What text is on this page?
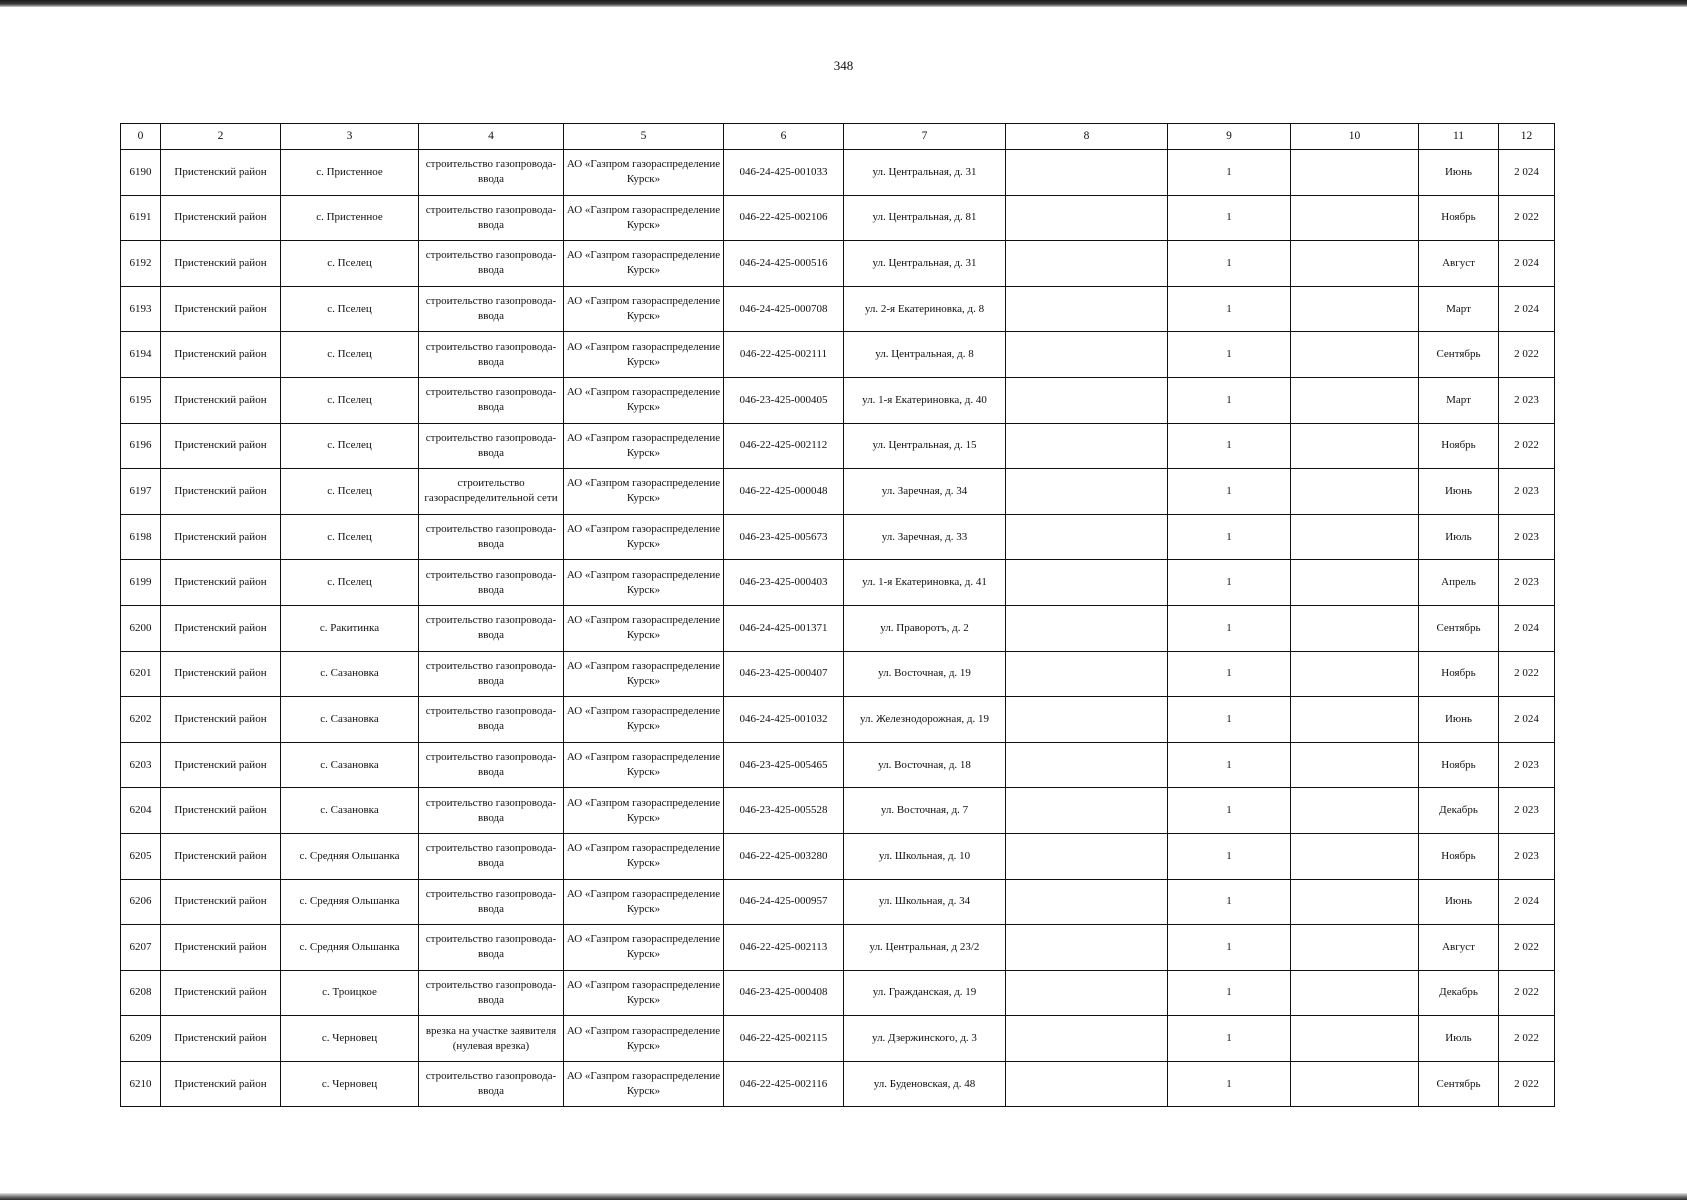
348
0	2	3	4	5	6	7	8	9	10	11	12
6190	Пристенский район	с. Пристенное	строительство газопровода-ввода	АО «Газпром газораспределение Курск»	046-24-425-001033	ул. Центральная, д. 31		1		Июнь	2 024
6191	Пристенский район	с. Пристенное	строительство газопровода-ввода	АО «Газпром газораспределение Курск»	046-22-425-002106	ул. Центральная, д. 81		1		Ноябрь	2 022
6192	Пристенский район	с. Пселец	строительство газопровода-ввода	АО «Газпром газораспределение Курск»	046-24-425-000516	ул. Центральная, д. 31		1		Август	2 024
6193	Пристенский район	с. Пселец	строительство газопровода-ввода	АО «Газпром газораспределение Курск»	046-24-425-000708	ул. 2-я Екатериновка, д. 8		1		Март	2 024
6194	Пристенский район	с. Пселец	строительство газопровода-ввода	АО «Газпром газораспределение Курск»	046-22-425-002111	ул. Центральная, д. 8		1		Сентябрь	2 022
6195	Пристенский район	с. Пселец	строительство газопровода-ввода	АО «Газпром газораспределение Курск»	046-23-425-000405	ул. 1-я Екатериновка, д. 40		1		Март	2 023
6196	Пристенский район	с. Пселец	строительство газопровода-ввода	АО «Газпром газораспределение Курск»	046-22-425-002112	ул. Центральная, д. 15		1		Ноябрь	2 022
6197	Пристенский район	с. Пселец	строительство газораспределительной сети	АО «Газпром газораспределение Курск»	046-22-425-000048	ул. Заречная, д. 34		1		Июнь	2 023
6198	Пристенский район	с. Пселец	строительство газопровода-ввода	АО «Газпром газораспределение Курск»	046-23-425-005673	ул. Заречная, д. 33		1		Июль	2 023
6199	Пристенский район	с. Пселец	строительство газопровода-ввода	АО «Газпром газораспределение Курск»	046-23-425-000403	ул. 1-я Екатериновка, д. 41		1		Апрель	2 023
6200	Пристенский район	с. Ракитинка	строительство газопровода-ввода	АО «Газпром газораспределение Курск»	046-24-425-001371	ул. Праворотъ, д. 2		1		Сентябрь	2 024
6201	Пристенский район	с. Сазановка	строительство газопровода-ввода	АО «Газпром газораспределение Курск»	046-23-425-000407	ул. Восточная, д. 19		1		Ноябрь	2 022
6202	Пристенский район	с. Сазановка	строительство газопровода-ввода	АО «Газпром газораспределение Курск»	046-24-425-001032	ул. Железнодорожная, д. 19		1		Июнь	2 024
6203	Пристенский район	с. Сазановка	строительство газопровода-ввода	АО «Газпром газораспределение Курск»	046-23-425-005465	ул. Восточная, д. 18		1		Ноябрь	2 023
6204	Пристенский район	с. Сазановка	строительство газопровода-ввода	АО «Газпром газораспределение Курск»	046-23-425-005528	ул. Восточная, д. 7		1		Декабрь	2 023
6205	Пристенский район	с. Средняя Ольшанка	строительство газопровода-ввода	АО «Газпром газораспределение Курск»	046-22-425-003280	ул. Школьная, д. 10		1		Ноябрь	2 023
6206	Пристенский район	с. Средняя Ольшанка	строительство газопровода-ввода	АО «Газпром газораспределение Курск»	046-24-425-000957	ул. Школьная, д. 34		1		Июнь	2 024
6207	Пристенский район	с. Средняя Ольшанка	строительство газопровода-ввода	АО «Газпром газораспределение Курск»	046-22-425-002113	ул. Центральная, д 23/2		1		Август	2 022
6208	Пристенский район	с. Троицкое	строительство газопровода-ввода	АО «Газпром газораспределение Курск»	046-23-425-000408	ул. Гражданская, д. 19		1		Декабрь	2 022
6209	Пристенский район	с. Черновец	врезка на участке заявителя (нулевая врезка)	АО «Газпром газораспределение Курск»	046-22-425-002115	ул. Дзержинского, д. 3		1		Июль	2 022
6210	Пристенский район	с. Черновец	строительство газопровода-ввода	АО «Газпром газораспределение Курск»	046-22-425-002116	ул. Буденовская, д. 48		1		Сентябрь	2 022
